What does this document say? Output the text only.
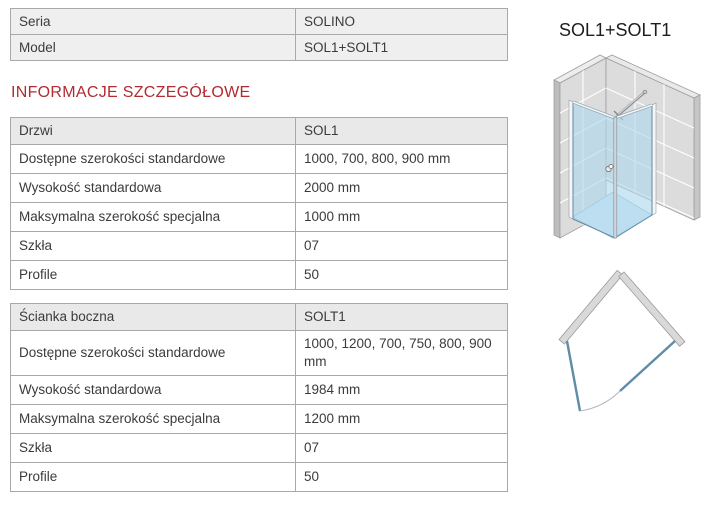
Seria	SOLINO
Model	SOL1+SOLT1
INFORMACJE SZCZEGÓŁOWE
Drzwi	SOL1
Dostępne szerokości standardowe	1000, 700, 800, 900 mm
Wysokość standardowa	2000 mm
Maksymalna szerokość specjalna	1000 mm
Szkła	07
Profile	50
Ścianka boczna	SOLT1
Dostępne szerokości standardowe	1000, 1200, 700, 750, 800, 900 mm
Wysokość standardowa	1984 mm
Maksymalna szerokość specjalna	1200 mm
Szkła	07
Profile	50
SOL1+SOLT1
